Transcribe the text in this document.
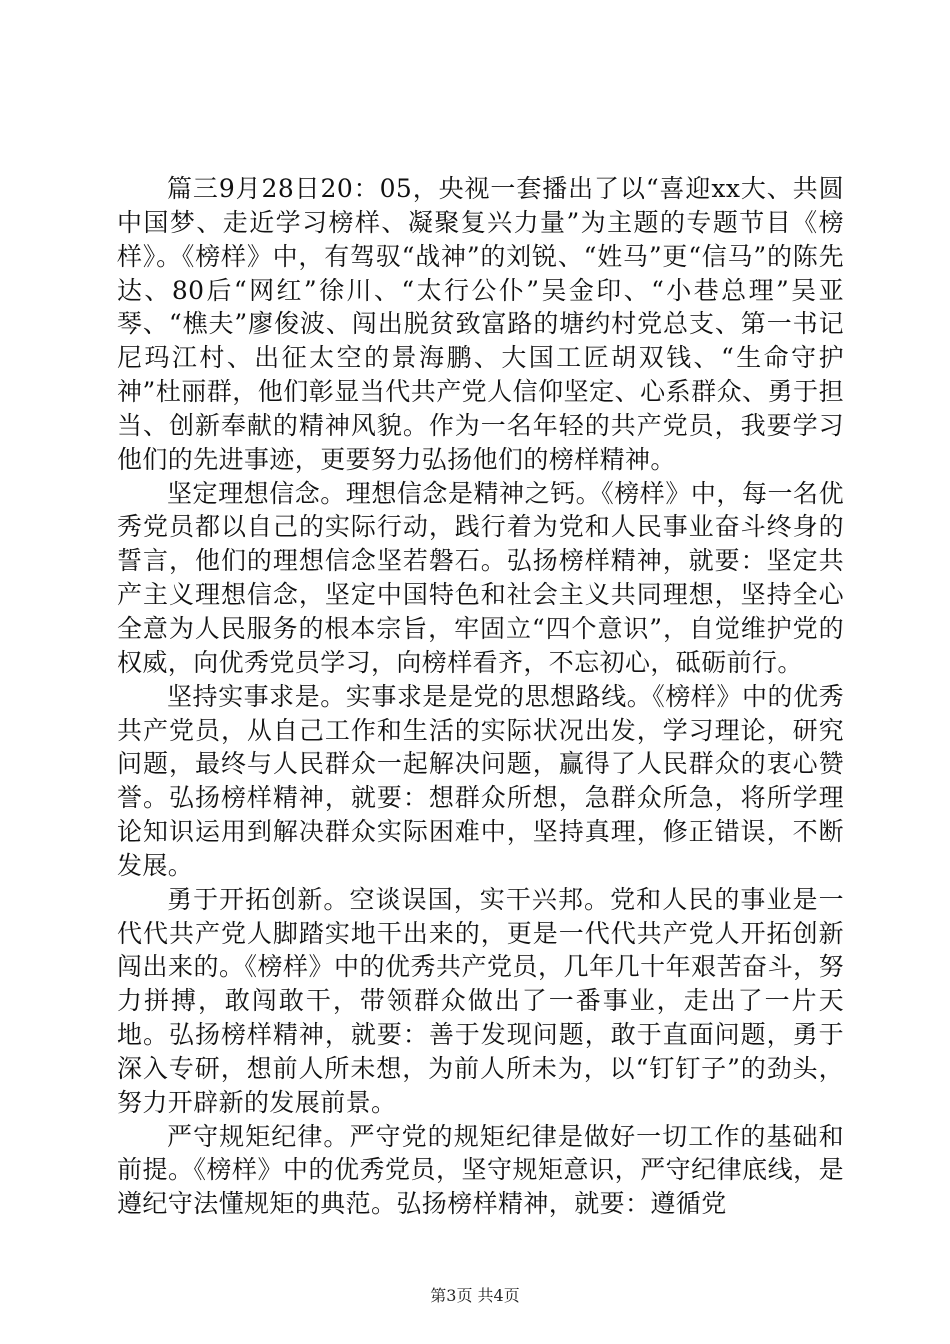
篇三9月28日20：05，央视一套播出了以“喜迎xx大、共圆中国梦、走近学习榜样、凝聚复兴力量”为主题的专题节目《榜样》。《榜样》中，有驾驭“战神”的刘锐、“姓马”更“信马”的陈先达、80后“网红”徐川、“太行公仆”吴金印、“小巷总理”吴亚琴、“樵夫”廖俊波、闯出脱贫致富路的塘约村党总支、第一书记尼玛江村、出征太空的景海鹏、大国工匠胡双钱、“生命守护神”杜丽群，他们彰显当代共产党人信仰坚定、心系群众、勇于担当、创新奉献的精神风貌。作为一名年轻的共产党员，我要学习他们的先进事迹，更要努力弘扬他们的榜样精神。

坚定理想信念。理想信念是精神之钙。《榜样》中，每一名优秀党员都以自己的实际行动，践行着为党和人民事业奋斗终身的誓言，他们的理想信念坚若磐石。弘扬榜样精神，就要：坚定共产主义理想信念，坚定中国特色和社会主义共同理想，坚持全心全意为人民服务的根本宗旨，牢固立“四个意识”，自觉维护党的权威，向优秀党员学习，向榜样看齐，不忘初心，砥砺前行。

坚持实事求是。实事求是是党的思想路线。《榜样》中的优秀共产党员，从自己工作和生活的实际状况出发，学习理论，研究问题，最终与人民群众一起解决问题，赢得了人民群众的衷心赞誉。弘扬榜样精神，就要：想群众所想，急群众所急，将所学理论知识运用到解决群众实际困难中，坚持真理，修正错误，不断发展。

勇于开拓创新。空谈误国，实干兴邦。党和人民的事业是一代代共产党人脚踏实地干出来的，更是一代代共产党人开拓创新闯出来的。《榜样》中的优秀共产党员，几年几十年艰苦奋斗，努力拼搏，敢闯敢干，带领群众做出了一番事业，走出了一片天地。弘扬榜样精神，就要：善于发现问题，敢于直面问题，勇于深入专研，想前人所未想，为前人所未为，以“钉钉子”的劲头，努力开辟新的发展前景。

严守规矩纪律。严守党的规矩纪律是做好一切工作的基础和前提。《榜样》中的优秀党员，坚守规矩意识，严守纪律底线，是遵纪守法懂规矩的典范。弘扬榜样精神，就要：遵循党

第3页 共4页
